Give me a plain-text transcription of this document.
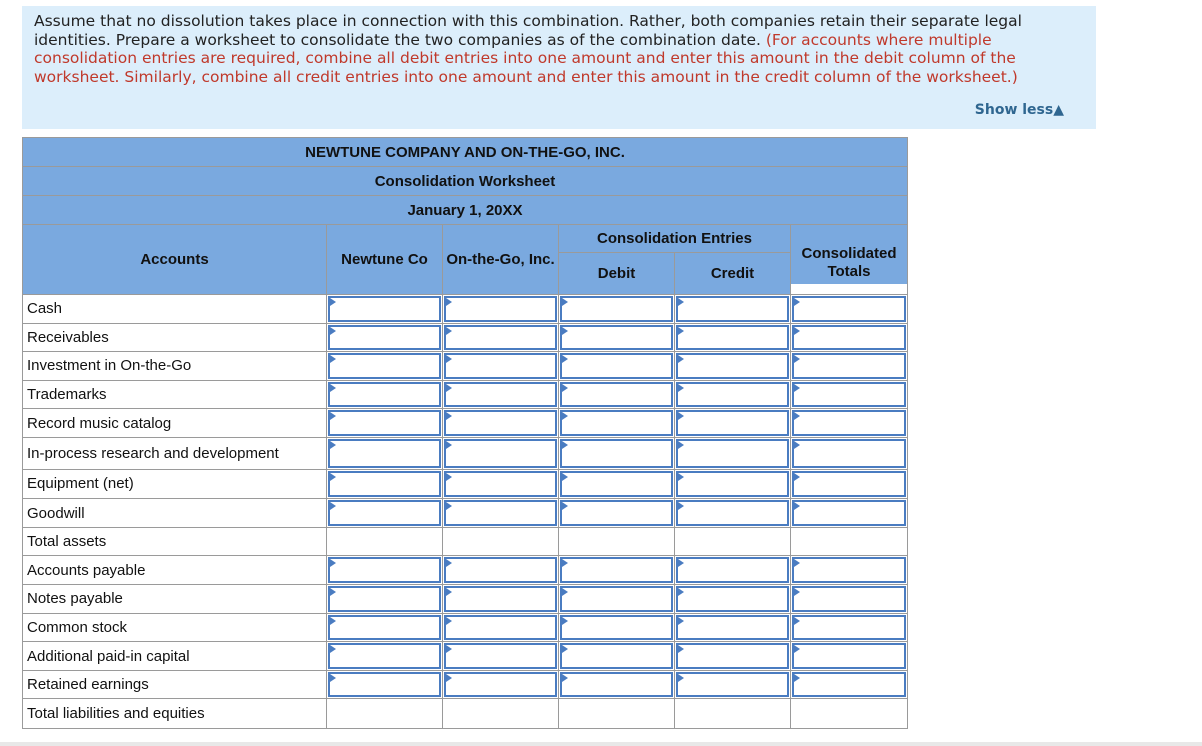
Assume that no dissolution takes place in connection with this combination. Rather, both companies retain their separate legal identities. Prepare a worksheet to consolidate the two companies as of the combination date. (For accounts where multiple consolidation entries are required, combine all debit entries into one amount and enter this amount in the debit column of the worksheet. Similarly, combine all credit entries into one amount and enter this amount in the credit column of the worksheet.)
Show less▲
NEWTUNE COMPANY AND ON-THE-GO, INC.					
Consolidation Worksheet					
January 1, 20XX					
Accounts	Newtune Co	On-the-Go, Inc.	Consolidation Entries		
			Debit	Credit	Consolidated Totals
Cash	

Receivables	

Investment in On-the-Go	

Trademarks	

Record music catalog	

In-process research and development	

Equipment (net)	

Goodwill	

Total assets					
Accounts payable	

Notes payable	

Common stock	

Additional paid-in capital	

Retained earnings	

Total liabilities and equities					
